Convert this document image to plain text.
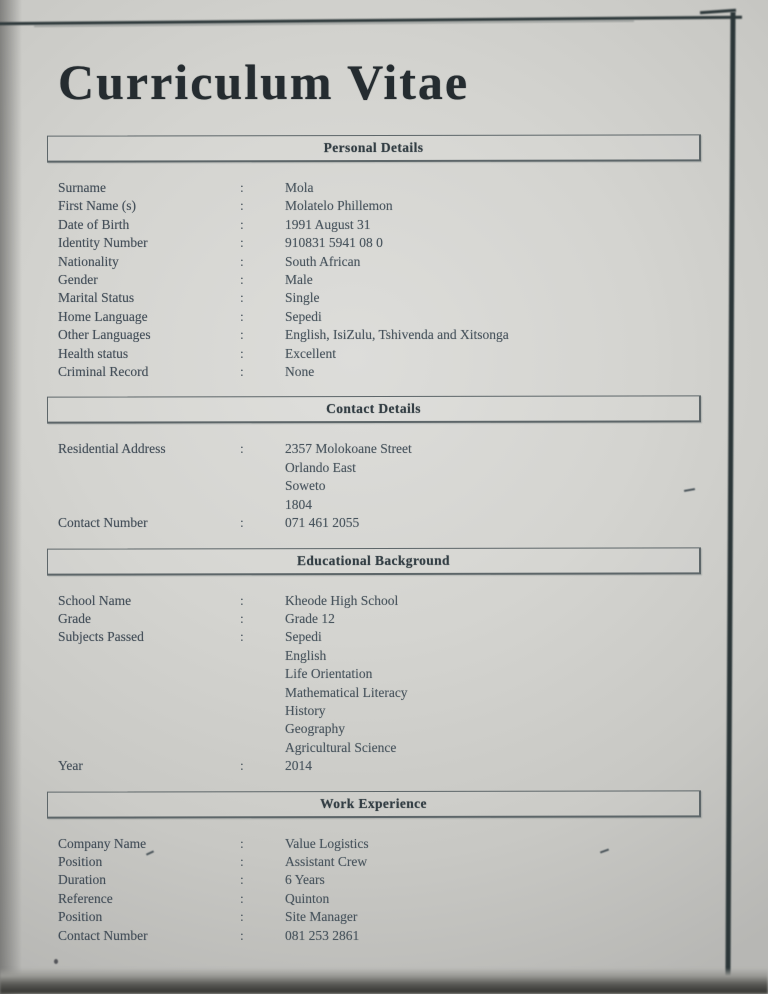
Curriculum Vitae
Personal Details
Surname	:	Mola
First Name (s)	:	Molatelo Phillemon
Date of Birth	:	1991 August 31
Identity Number	:	910831 5941 08 0
Nationality	:	South African
Gender	:	Male
Marital Status	:	Single
Home Language	:	Sepedi
Other Languages	:	English, IsiZulu, Tshivenda and Xitsonga
Health status	:	Excellent
Criminal Record	:	None
Contact Details
Residential Address	:	2357 Molokoane Street
Orlando East
Soweto
1804
Contact Number	:	071 461 2055
Educational Background
School Name	:	Kheode High School
Grade	:	Grade 12
Subjects Passed	:	Sepedi
English
Life Orientation
Mathematical Literacy
History
Geography
Agricultural Science
Year	:	2014
Work Experience
Company Name	:	Value Logistics
Position	:	Assistant Crew
Duration	:	6 Years
Reference	:	Quinton
Position	:	Site Manager
Contact Number	:	081 253 2861
